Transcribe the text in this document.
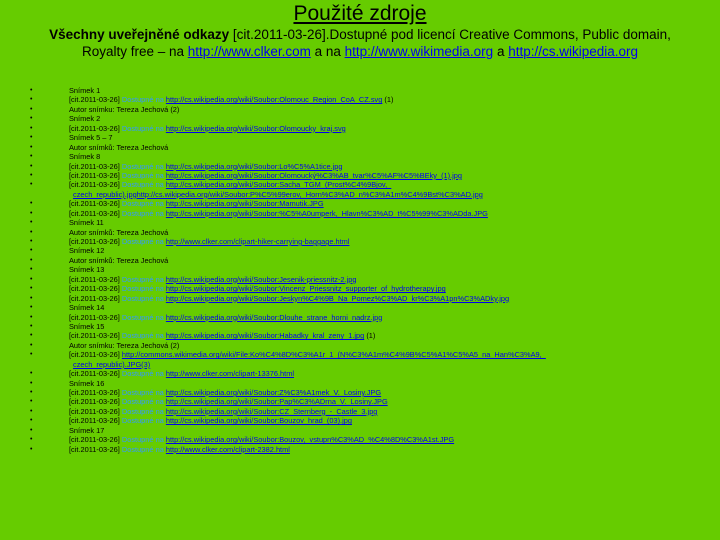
Použité zdroje
Všechny uveřejněné odkazy [cit.2011-03-26].Dostupné pod licencí Creative Commons, Public domain, Royalty free – na http://www.clker.com a na http://www.wikimedia.org a http://cs.wikipedia.org
• Snímek 1
• [cit.2011-03-26] Dostupné na http://cs.wikipedia.org/wiki/Soubor:Olomouc_Region_CoA_CZ.svg (1)
• Autor snímku: Tereza Jechová (2)
• Snímek 2
• [cit.2011-03-26] Dostupné na http://cs.wikipedia.org/wiki/Soubor:Olomoucky_kraj.svg
• Snímek 5 – 7
• Autor snímků: Tereza Jechová
• Snímek 8
• [cit.2011-03-26] Dostupné na http://cs.wikipedia.org/wiki/Soubor:Lo%C5%A1tice.jpg
• [cit.2011-03-26] Dostupné na http://cs.wikipedia.org/wiki/Soubor:Olomoucký%C3%AB_tvar%C5%AF%C5%BEky_(1).jpg
• [cit.2011-03-26] Dostupné na http://cs.wikipedia.org/wiki/Soubor:Sacha_TGM_(Prost%C4%9Bjov,_
czech_republic).jpghttp://cs.wikipedia.org/wiki/Soubor:P%C5%99erov,_Horn%C3%AD_n%C3%A1m%C4%9Bst%C3%AD.jpg
• [cit.2011-03-26] Dostupné na http://cs.wikipedia.org/wiki/Soubor:Mamutik.JPG
• [cit.2011-03-26] Dostupné na http://cs.wikipedia.org/wiki/Soubor:%C5%A0umperk,_Hlavn%C3%AD_t%C5%99%C3%ADda.JPG
• Snímek 11
• Autor snímků: Tereza Jechová
• [cit.2011-03-26] Dostupné na http://www.clker.com/clipart-hiker-carrying-baggage.html
• Snímek 12
• Autor snímků: Tereza Jechová
• Snímek 13
• [cit.2011-03-26] Dostupné na http://cs.wikipedia.org/wiki/Soubor:Jesenik-priessnitz-2.jpg
• [cit.2011-03-26] Dostupné na http://cs.wikipedia.org/wiki/Soubor:Vincenz_Priessnitz_supporter_of_hydrotherapy.jpg
• [cit.2011-03-26] Dostupné na http://cs.wikipedia.org/wiki/Soubor:Jeskyn%C4%9B_Na_Pomez%C3%AD_kr%C3%A1pn%C3%ADky.jpg
• Snímek 14
• [cit.2011-03-26] Dostupné na http://cs.wikipedia.org/wiki/Soubor:Dlouhe_strane_horni_nadrz.jpg
• Snímek 15
• [cit.2011-03-26] Dostupné na http://cs.wikipedia.org/wiki/Soubor:Habadky_kral_zeny_1.jpg (1)
• Autor snímku: Tereza Jechová (2)
• [cit.2011-03-26] http://commons.wikimedia.org/wiki/File:Ko%C4%8D%C3%A1r_1_(N%C3%A1m%C4%9B%C5%A1%C5%A5_na_Han%C3%A9,_
czech_republic).JPG(3)
• [cit.2011-03-26] Dostupné na http://www.clker.com/clipart-13376.html
• Snímek 16
• [cit.2011-03-26] Dostupné na http://cs.wikipedia.org/wiki/Soubor:Z%C3%A1mek_V._Losiny.JPG
• [cit.2011-03-26] Dostupné na http://cs.wikipedia.org/wiki/Soubor:Pap%C3%ADrna_V._Losiny.JPG
• [cit.2011-03-26] Dostupné na http://cs.wikipedia.org/wiki/Soubor:CZ_Sternberg_-_Castle_3.jpg
• [cit.2011-03-26] Dostupné na http://cs.wikipedia.org/wiki/Soubor:Bouzov_hrad_(03).jpg
• Snímek 17
• [cit.2011-03-26] Dostupné na http://cs.wikipedia.org/wiki/Soubor:Bouzov,_vstupn%C3%AD_%C4%8D%C3%A1st.JPG
• [cit.2011-03-26] Dostupné na http://www.clker.com/clipart-2382.html
